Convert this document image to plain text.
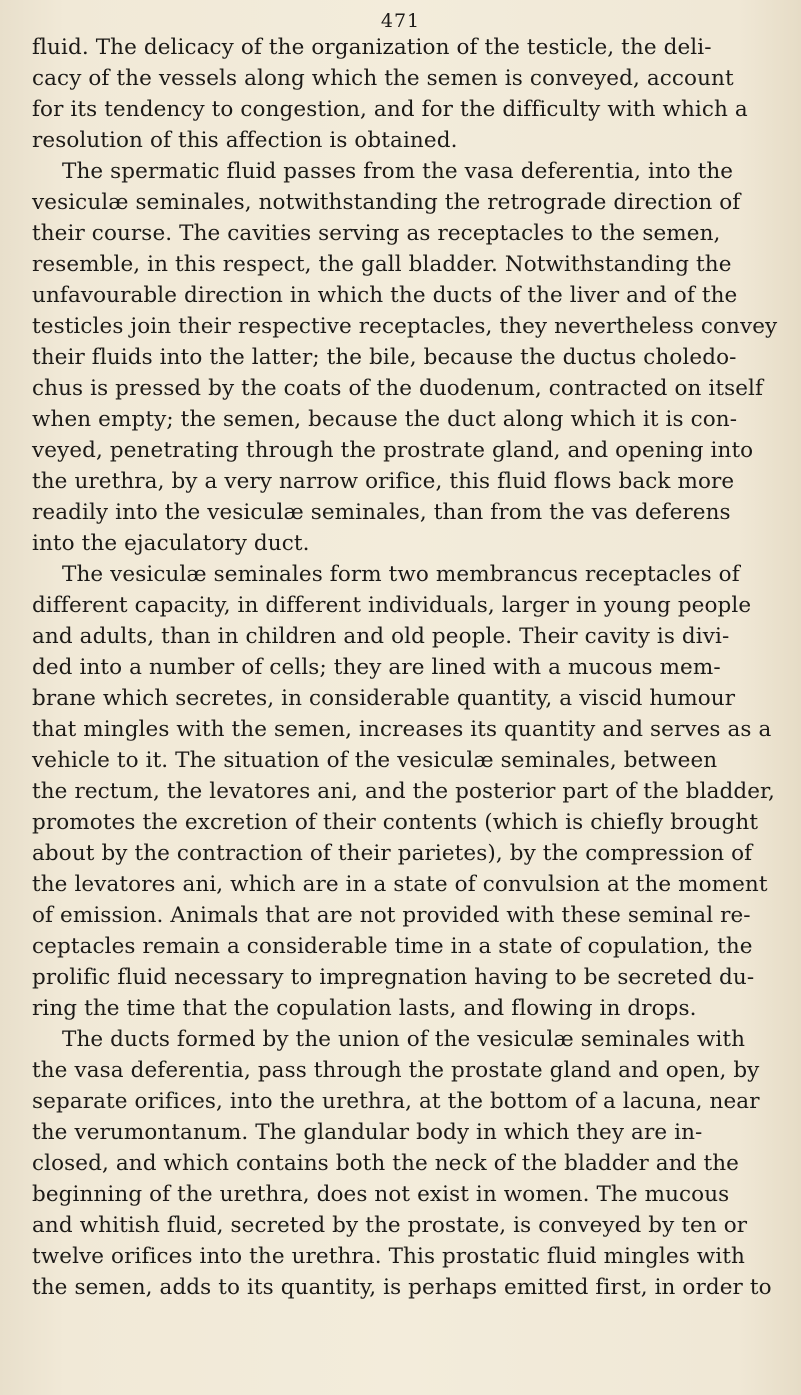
471
fluid. The delicacy of the organization of the testicle, the deli-
cacy of the vessels along which the semen is conveyed, account
for its tendency to congestion, and for the difficulty with which a
resolution of this affection is obtained.
The spermatic fluid passes from the vasa deferentia, into the
vesiculæ seminales, notwithstanding the retrograde direction of
their course. The cavities serving as receptacles to the semen,
resemble, in this respect, the gall bladder. Notwithstanding the
unfavourable direction in which the ducts of the liver and of the
testicles join their respective receptacles, they nevertheless convey
their fluids into the latter; the bile, because the ductus choledo-
chus is pressed by the coats of the duodenum, contracted on itself
when empty; the semen, because the duct along which it is con-
veyed, penetrating through the prostrate gland, and opening into
the urethra, by a very narrow orifice, this fluid flows back more
readily into the vesiculæ seminales, than from the vas deferens
into the ejaculatory duct.
The vesiculæ seminales form two membrancus receptacles of
different capacity, in different individuals, larger in young people
and adults, than in children and old people. Their cavity is divi-
ded into a number of cells; they are lined with a mucous mem-
brane which secretes, in considerable quantity, a viscid humour
that mingles with the semen, increases its quantity and serves as a
vehicle to it. The situation of the vesiculæ seminales, between
the rectum, the levatores ani, and the posterior part of the bladder,
promotes the excretion of their contents (which is chiefly brought
about by the contraction of their parietes), by the compression of
the levatores ani, which are in a state of convulsion at the moment
of emission. Animals that are not provided with these seminal re-
ceptacles remain a considerable time in a state of copulation, the
prolific fluid necessary to impregnation having to be secreted du-
ring the time that the copulation lasts, and flowing in drops.
The ducts formed by the union of the vesiculæ seminales with
the vasa deferentia, pass through the prostate gland and open, by
separate orifices, into the urethra, at the bottom of a lacuna, near
the verumontanum. The glandular body in which they are in-
closed, and which contains both the neck of the bladder and the
beginning of the urethra, does not exist in women. The mucous
and whitish fluid, secreted by the prostate, is conveyed by ten or
twelve orifices into the urethra. This prostatic fluid mingles with
the semen, adds to its quantity, is perhaps emitted first, in order to
